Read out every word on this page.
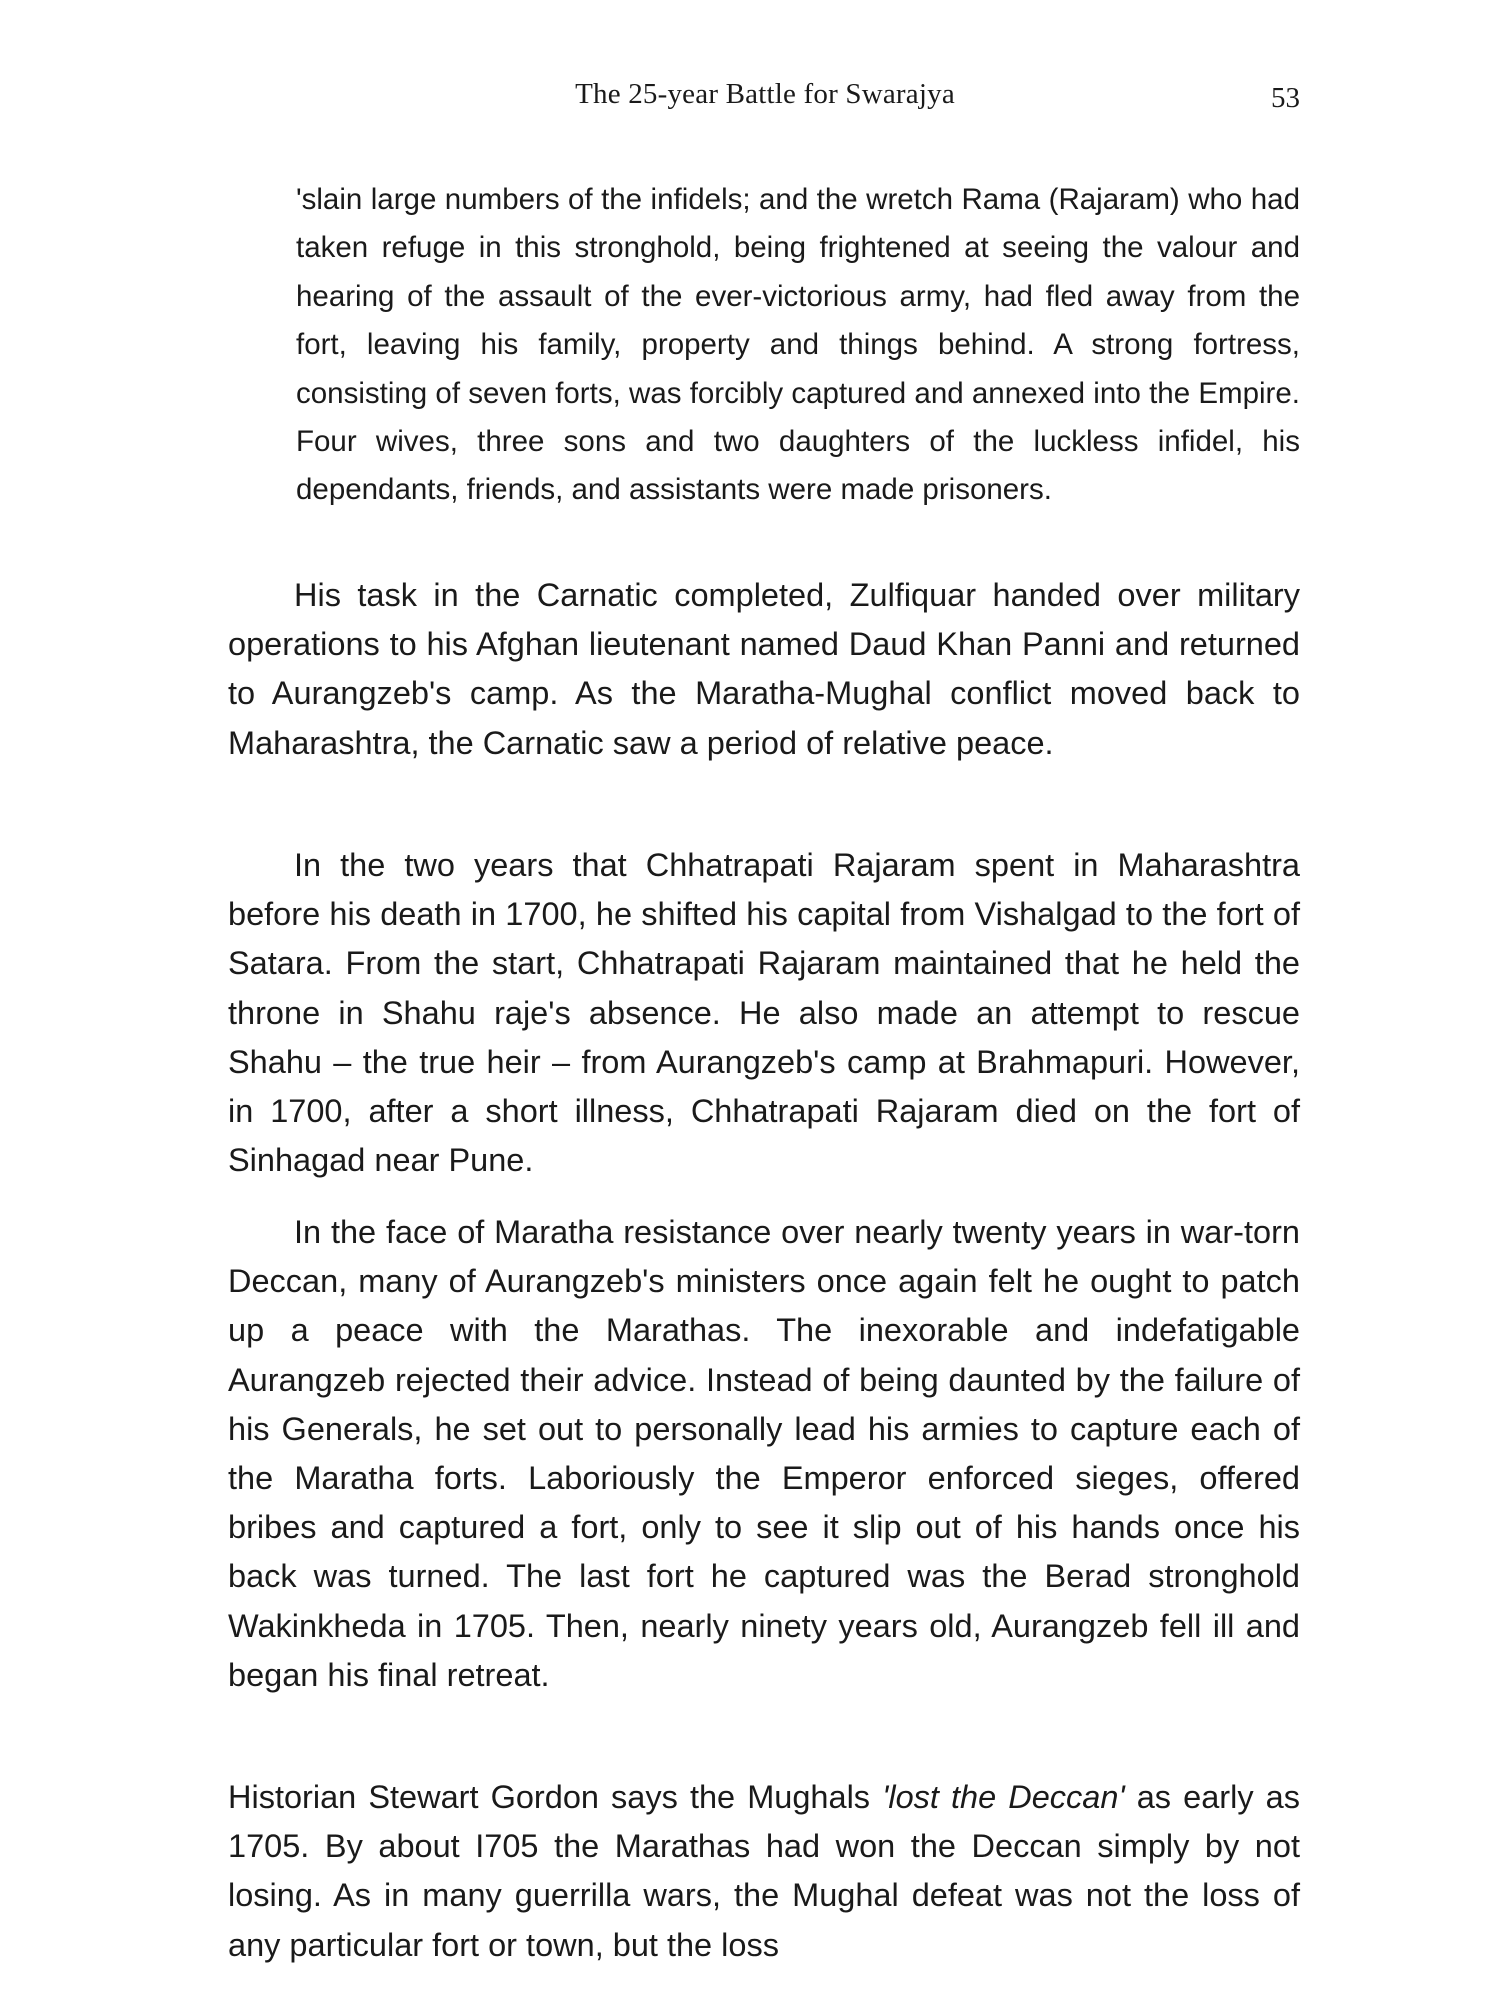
The 25-year Battle for Swarajya	53

'slain large numbers of the infidels; and the wretch Rama (Rajaram) who had taken refuge in this stronghold, being frightened at seeing the valour and hearing of the assault of the ever-victorious army, had fled away from the fort, leaving his family, property and things behind. A strong fortress, consisting of seven forts, was forcibly captured and annexed into the Empire. Four wives, three sons and two daughters of the luckless infidel, his dependants, friends, and assistants were made prisoners.

His task in the Carnatic completed, Zulfiquar handed over military operations to his Afghan lieutenant named Daud Khan Panni and returned to Aurangzeb's camp. As the Maratha-Mughal conflict moved back to Maharashtra, the Carnatic saw a period of relative peace.

In the two years that Chhatrapati Rajaram spent in Maharashtra before his death in 1700, he shifted his capital from Vishalgad to the fort of Satara. From the start, Chhatrapati Rajaram maintained that he held the throne in Shahu raje's absence. He also made an attempt to rescue Shahu – the true heir – from Aurangzeb's camp at Brahmapuri. However, in 1700, after a short illness, Chhatrapati Rajaram died on the fort of Sinhagad near Pune.

In the face of Maratha resistance over nearly twenty years in war-torn Deccan, many of Aurangzeb's ministers once again felt he ought to patch up a peace with the Marathas. The inexorable and indefatigable Aurangzeb rejected their advice. Instead of being daunted by the failure of his Generals, he set out to personally lead his armies to capture each of the Maratha forts. Laboriously the Emperor enforced sieges, offered bribes and captured a fort, only to see it slip out of his hands once his back was turned. The last fort he captured was the Berad stronghold Wakinkheda in 1705. Then, nearly ninety years old, Aurangzeb fell ill and began his final retreat.

Historian Stewart Gordon says the Mughals 'lost the Deccan' as early as 1705. By about I705 the Marathas had won the Deccan simply by not losing. As in many guerrilla wars, the Mughal defeat was not the loss of any particular fort or town, but the loss
